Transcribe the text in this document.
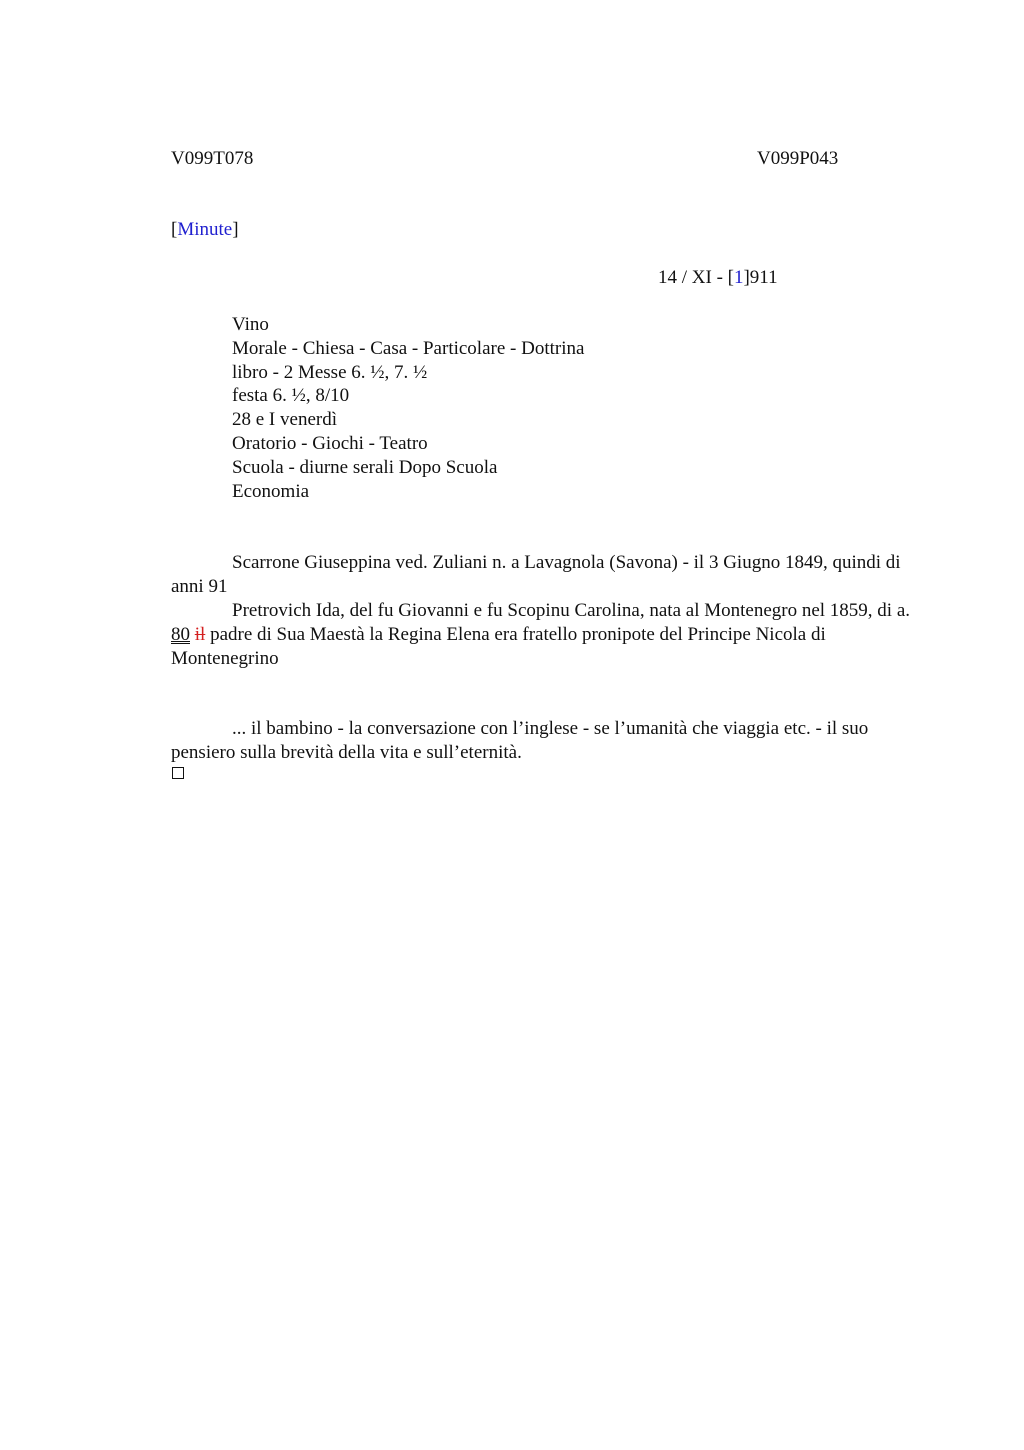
V099T078	V099P043
[Minute]
14 / XI - [1]911
Vino
Morale - Chiesa - Casa - Particolare - Dottrina
libro - 2 Messe 6. ½, 7. ½
festa 6. ½, 8/10
28 e I venerdì
Oratorio - Giochi - Teatro
Scuola - diurne serali Dopo Scuola
Economia

Scarrone Giuseppina ved. Zuliani n. a Lavagnola (Savona) - il 3 Giugno 1849, quindi di anni 91

Pretrovich Ida, del fu Giovanni e fu Scopinu Carolina, nata al Montenegro nel 1859, di a. 80 il padre di Sua Maestà la Regina Elena era fratello pronipote del Principe Nicola di Montenegrino

... il bambino - la conversazione con l’inglese - se l’umanità che viaggia etc. - il suo pensiero sulla brevità della vita e sull’eternità.
